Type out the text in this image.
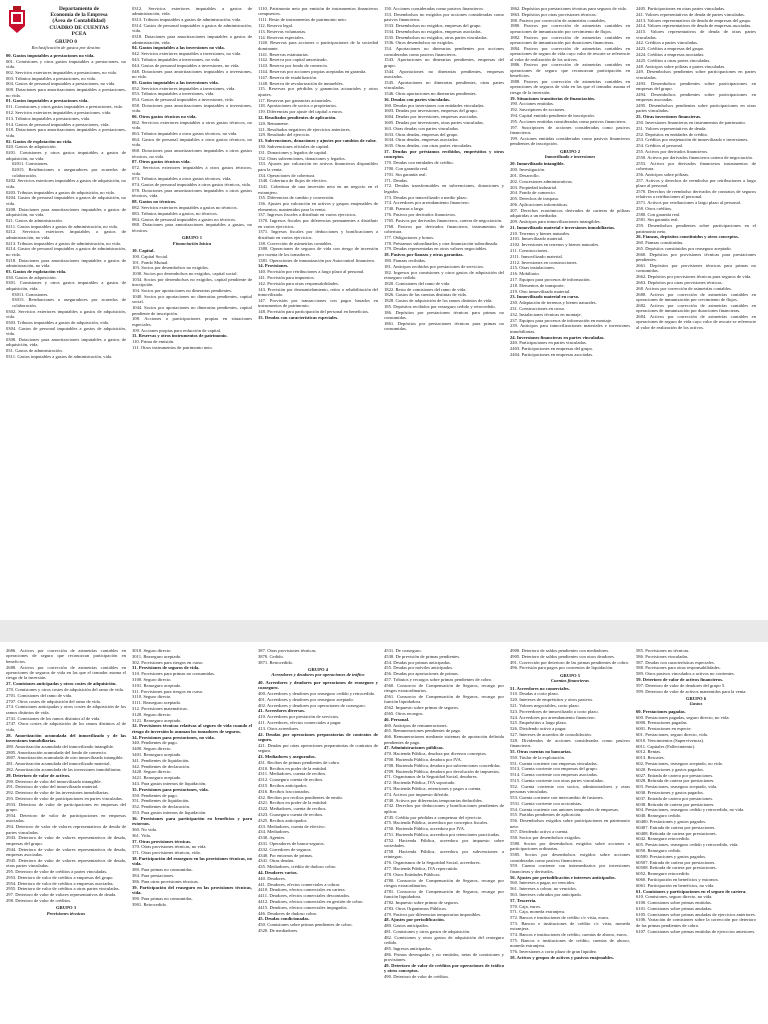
Departamento de
Economía de la Empresa
(Área de Contabilidad)
CUADRO DE CUENTAS
PCEA
GRUPO 0
Reclasificación de gastos por destino

00. Gastos imputables a prestaciones no vida.

001. Comisiones y otros gastos imputables a prestaciones, no vida.

002. Servicios exteriores imputables a prestaciones, no vida.

003. Tributos imputables a prestaciones, no vida.

004. Gastos de personal imputables a prestaciones, no vida.

008. Dotaciones para amortizaciones imputables a prestaciones, no vida.

01. Gastos imputables a prestaciones vida.

011. Comisiones y otros gastos imputables a prestaciones, vida.

012. Servicios exteriores imputables a prestaciones, vida.

013. Tributos imputables a prestaciones, vida.

014. Gastos de personal imputables a prestaciones, vida.

018. Dotaciones para amortizaciones imputables a prestaciones, vida.

02. Gastos de explotación no vida.

020. Gastos de adquisición.

0201. Comisiones y otros gastos imputables a gastos de adquisición, no vida.

02011. Comisiones.

02015. Retribuciones a aseguradores por acuerdos de colaboración.

0202. Servicios exteriores imputables a gastos de adquisición, no vida.

0203. Tributos imputables a gastos de adquisición, no vida.

0204. Gastos de personal imputables a gastos de adquisición, no vida.

0208. Dotaciones para amortizaciones imputables a gastos de adquisición, no vida.

021. Gastos de administración.

0211. Gastos imputables a gastos de administración, no vida.

0212. Servicios exteriores imputables a gastos de administración, no vida.

0213. Tributos imputables a gastos de administración, no vida.

0214. Gastos de personal imputables a gastos de administración, no vida.

0218. Dotaciones para amortizaciones imputables a gastos de administración, no vida.

03. Gastos de explotación vida.

030. Gastos de adquisición.

0301. Comisiones y otros gastos imputables a gastos de adquisición, vida.

03011. Comisiones.

03015. Retribuciones a aseguradores por acuerdos de colaboración.

0302. Servicios exteriores imputables a gastos de adquisición, vida.

0303. Tributos imputables a gastos de adquisición, vida.

0304. Gastos de personal imputables a gastos de adquisición, vida.

0308. Dotaciones para amortizaciones imputables a gastos de adquisición, vida.

031. Gastos de administración.

0311. Gastos imputables a gastos de administración, vida.

0312. Servicios exteriores imputables a gastos de administración, vida.

0313. Tributos imputables a gastos de administración, vida.

0314. Gastos de personal imputables a gastos de administración, vida.

0318. Dotaciones para amortizaciones imputables a gastos de administración, vida.

04. Gastos imputables a las inversiones no vida.

042. Servicios exteriores imputables a inversiones, no vida.

043. Tributos imputables a inversiones, no vida.

044. Gastos de personal imputables a inversiones, no vida.

048. Dotaciones para amortizaciones imputables a inversiones, no vida.

05. Gastos imputables a las inversiones vida.

052. Servicios exteriores imputables a inversiones, vida.

053. Tributos imputables a inversiones, vida.

054. Gastos de personal imputables a inversiones, vida.

058. Dotaciones para amortizaciones imputables a inversiones, vida.

06. Otros gastos técnicos no vida.

062. Servicios exteriores imputables a otros gastos técnicos, no vida.

063. Tributos imputables a otros gastos técnicos, no vida.

064. Gastos de personal imputables a otros gastos técnicos, no vida.

068. Dotaciones para amortizaciones imputables a otros gastos técnicos, no vida.

07. Otros gastos técnicos vida.

072. Servicios exteriores imputables a otros gastos técnicos, vida.

073. Tributos imputables a otros gastos técnicos, vida.

074. Gastos de personal imputables a otros gastos técnicos, vida.

078. Dotaciones para amortizaciones imputables a otros gastos técnicos, vida.

08. Gastos no técnicos.

082. Servicios exteriores imputables a gastos no técnicos.

083. Tributos imputables a gastos, no técnicos.

084. Gastos de personal imputables a gastos no técnicos.

088. Dotaciones para amortizaciones imputables a gastos, no técnicos.

GRUPO 1

Financiación básica

10. Capital.

100. Capital Social.

101. Fondo Mutual.

103. Socios por desembolsos no exigidos.

1030. Socios por desembolsos no exigidos, capital social.

1034. Socios por desembolsos no exigidos, capital pendiente de inscripción.

104. Socios por aportaciones no dinerarias pendientes.

1040. Socios por aportaciones no dinerarias pendientes, capital social.

1044. Socios por aportaciones no dinerarias pendientes, capital pendiente de inscripción.

108. Acciones o participaciones propias en situaciones especiales.

109. Acciones propias para reducción de capital.

11. Reservas y otros instrumentos de patrimonio.

110. Prima de emisión.

111. Otros instrumentos de patrimonio neto.

1110. Patrimonio neto por emisión de instrumentos financieros compuestos.

1111. Resto de instrumentos de patrimonio neto.

112. Reserva legal.

113. Reservas voluntarias.

114. Reservas especiales.

1140. Reservas para acciones o participaciones de la sociedad dominante.

1141. Reservas estatutarias.

1142. Reserva por capital amortizado.

1143. Reserva por fondo de comercio.

1144. Reservas por acciones propias aceptadas en garantía.

1147. Reserva de estabilización.

1148. Reserva de revalorización de inmuebles.

115. Reservas por pérdidas y ganancias actuariales y otros ajustes.

117. Reservas por ganancias actuariales.

118. Aportaciones de socios o propietarios.

119. Diferencias por ajuste del capital a euros.

12. Resultados pendientes de aplicación.

120. Remanente.

121. Resultados negativos de ejercicios anteriores.

129. Resultado del ejercicio.

13. Subvenciones, donaciones y ajustes por cambios de valor.

130. Subvenciones oficiales de capital.

131. Donaciones y legados de capital.

132. Otras subvenciones, donaciones y legados.

133. Ajustes por valoración en activos financieros disponibles para la venta.

134. Operaciones de cobertura.

1340. Cobertura de flujos de efectivo.

1341. Cobertura de una inversión neta en un negocio en el extranjero.

135. Diferencias de cambio y conversión.

136. Ajustes por valoración en activos y grupos enajenables de elementos, mantenidos para la venta.

137. Ingresos fiscales a distribuir en varios ejercicios.

1370. Ingresos fiscales por diferencias permanentes a distribuir en varios ejercicios.

1371. Ingresos fiscales por deducciones y bonificaciones a distribuir en varios ejercicios.

138. Corrección de asimetrías contables.

1380. Operaciones de seguros de vida con riesgo de inversión por cuenta de los tomadores.

1381. Operaciones de inmunización por Autocontrol financiero.

14. Provisiones.

140. Provisión por retribuciones a largo plazo al personal.

141. Provisión para impuestos.

142. Provisión para otras responsabilidades.

143. Provisión por desmantelamiento, retiro o rehabilitación del inmovilizado.

147. Provisión por transacciones con pagos basados en instrumentos de patrimonio.

148. Provisión para participación del personal en beneficios.

15. Deudas con características especiales.

150. Acciones consideradas como pasivos financieros.

153. Desembolsos no exigidos por acciones consideradas como pasivos financieros.

1533. Desembolsos no exigidos, empresas del grupo.

1534. Desembolsos no exigidos, empresas asociadas.

1535. Desembolsos no exigidos, otras partes vinculadas.

1536. Otros desembolsos no exigidos.

154. Aportaciones no dinerarias pendientes por acciones consideradas como pasivos financieros.

1543. Aportaciones no dinerarias pendientes, empresas del grupo.

1544. Aportaciones no dinerarias pendientes, empresas asociadas.

1545. Aportaciones no dinerarias pendientes, otras partes vinculadas.

1546. Otras aportaciones no dinerarias pendientes.

16. Deudas con partes vinculadas.

160. Deudas por inversiones con entidades vinculadas.

1603. Deudas por inversiones, empresas del grupo.

1604. Deudas por inversiones, empresas asociadas.

1605. Deudas por inversiones, otras partes vinculadas.

163. Otras deudas con partes vinculadas.

1633. Otras deudas, empresas del grupo.

1634. Otras deudas, empresas asociadas.

1635. Otras deudas, con otras partes vinculadas.

17. Deudas por préstamos recibidos, empréstitos y otros conceptos.

170. Deudas con entidades de crédito.

1700. Con garantía real.

1701. Sin garantía real.

171. Deudas.

172. Deudas transformables en subvenciones, donaciones y legados.

173. Deudas por inmovilizado a medio plazo.

174. Acreedores por arrendamiento financiero.

1740. Fianzas a largo.

176. Pasivos por derivados financieros.

1765. Pasivos por derivados financieros, cartera de negociación.

1768. Pasivos por derivados financieros, instrumentos de cobertura.

177. Obligaciones y bonos.

178. Préstamos subordinados y otra financiación subordinada.

179. Deudas representadas en otros valores negociables.

18. Pasivos por fianzas y otras garantías.

180. Fianzas recibidas.

181. Anticipos recibidos por prestaciones de servicios.

182. Ingresos por comisiones y otros gastos de adquisición del reaseguro cedido.

1820. Comisiones del ramo de vida.

1822. Resto de comisiones del ramo de vida.

1826. Gastos de las cuentas distintas de vida.

1828. Gastos de adquisición de los ramos distintos de vida.

185. Depósitos recibidos por reaseguro cedido y retrocedido.

186. Depósitos por prestaciones técnicas para primas no consumidas.

1861. Depósitos por prestaciones técnicas para primas no consumidas.

1862. Depósitos por prestaciones técnicas para seguros de vida.

1863. Depósitos por otras provisiones técnicas.

188. Pasivos por corrección de asimetrías contables.

1880. Pasivos por corrección de asimetrías contables en operaciones de inmunización por crecimiento de flujos.

1882. Pasivos por corrección de asimetrías contables en operaciones de inmunización por duraciones financieras.

1884. Pasivos por corrección de asimetrías contables en operaciones de seguro de vida cuyo valor de rescate se referencie al valor de realización de los activos.

1886. Pasivos por corrección de asimetrías contables en operaciones de seguro que reconozcan participación en beneficios.

1888. Pasivos por corrección de asimetrías contables en operaciones de seguros de vida en las que el tomador asuma el riesgo de la inversión.

19. Situaciones transitorias de financiación.

190. Acciones emitidas.

192. Suscriptores de acciones.

194. Capital emitido pendiente de inscripción.

195. Acciones emitidas consideradas como pasivos financieros.

197. Suscriptores de acciones consideradas como pasivos financieros.

199. Acciones emitidas consideradas como pasivos financieros pendientes de inscripción.

GRUPO 2

Inmovilizado e inversiones

20. Inmovilizado intangible.

200. Investigación.

201. Desarrollo.

202. Concesiones administrativas.

203. Propiedad industrial.

204. Fondo de comercio.

205. Derechos de traspaso.

206. Aplicaciones informáticas.

207. Derechos económicos derivados de carteras de pólizas adquiridas a un mediador.

209. Anticipos para inmovilizaciones intangibles.

21. Inmovilizado material e inversiones inmobiliarias.

210. Terrenos y bienes naturales.

2101. Inmovilizado material.

2102. Inversiones en terrenos y bienes naturales.

211. Construcciones.

2111. Inmovilizado material.

2112. Inversiones en construcciones.

215. Otras instalaciones.

216. Mobiliario.

217. Equipos para procesos de información.

218. Elementos de transporte.

219. Otro inmovilizado material.

23. Inmovilizado material en curso.

230. Adaptación de terrenos y bienes naturales.

231. Construcciones en curso.

232. Instalaciones técnicas en montaje.

237. Equipos para procesos de información en montaje.

239. Anticipos para inmovilizaciones materiales e inversiones inmobiliarias.

24. Inversiones financieras en partes vinculadas.

240. Participaciones en partes vinculadas.

2403. Participaciones en empresas del grupo.

2404. Participaciones en empresas asociadas.

2405. Participaciones en otras partes vinculadas.

241. Valores representativos de deuda de partes vinculadas.

2413. Valores representativos de deuda de empresas del grupo.

2414. Valores representativos de deuda de empresas asociadas.

2415. Valores representativos de deuda de otras partes vinculadas.

242. Créditos a partes vinculadas.

2423. Créditos a empresas del grupo.

2424. Créditos a empresas asociadas.

2425. Créditos a otras partes vinculadas.

248. Anticipos sobre pólizas a partes vinculadas.

249. Desembolsos pendientes sobre participaciones en partes vinculadas.

2493. Desembolsos pendientes sobre participaciones en empresas del grupo.

2494. Desembolsos pendientes sobre participaciones en empresas asociadas.

2495. Desembolsos pendientes sobre participaciones en otras partes vinculadas.

25. Otras inversiones financieras.

250. Inversiones financieras en instrumentos de patrimonio.

251. Valores representativos de deuda.

252. Depósitos en entidades de crédito.

253. Créditos por enajenación de inmovilizado e inversiones.

254. Créditos al personal.

255. Activos por derivados financieros.

2550. Activos por derivados financieros cartera de negociación.

2553. Activos por derivados financieros instrumentos de cobertura.

256. Anticipos sobre pólizas.

257. Activos y derechos de reembolso por retribuciones a largo plazo al personal.

2570. Derechos de reembolso derivados de contratos de seguros relativos a retribuciones al personal.

2571. Activos por retribuciones a largo plazo al personal.

258. Otros créditos.

2580. Con garantía real.

2581. Sin garantía real.

259. Desembolsos pendientes sobre participaciones en el patrimonio neto.

26. Fianzas, depósitos constituidos y otros conceptos.

260. Fianzas constituidas.

265. Depósitos constituidos por reaseguro aceptado.

2660. Depósitos por provisiones técnicas para prestaciones pendientes.

2661. Depósitos por provisiones técnicas para primas no consumidas.

2662. Depósitos por provisiones técnicas para seguros de vida.

2663. Depósitos por otras provisiones técnicas.

268. Activos por corrección de asimetrías contables.

2680. Activos por corrección de asimetrías contables en operaciones de inmunización por crecimiento de flujos.

2682. Activos por corrección de asimetrías contables en operaciones de inmunización por duraciones financieras.

2684. Activos por corrección de asimetrías contables en operaciones de seguro de vida cuyo valor de rescate se referencie al valor de realización de los activos.

2686. Activos por corrección de asimetrías contables en operaciones de seguro que reconozcan participación en beneficios.

2688. Activos por corrección de asimetrías contables en operaciones de seguros de vida en las que el tomador asuma el riesgo de la inversión.

27. Comisiones anticipadas y otros costes de adquisición.

270. Comisiones y otros costes de adquisición del ramo de vida.

2701. Comisiones del ramo de vida.

2707. Otros costes de adquisición del ramo de vida.

274. Comisiones anticipadas y otros costes de adquisición de los ramos distintos de vida.

2741. Comisiones de los ramos distintos al de vida.

2747. Otros costes de adquisición de los ramos distintos al de vida.

28. Amortización acumulada del inmovilizado y de las inversiones inmobiliarias.

280. Amortización acumulada del inmovilizado intangible.

2805. Amortización acumulada del fondo de comercio.

2807. Amortización acumulada de otro inmovilizado intangible.

281. Amortización acumulada del inmovilizado material.

282. Amortización acumulada de las inversiones inmobiliarias.

29. Deterioro de valor de activos.

290. Deterioro de valor del inmovilizado intangible.

291. Deterioro de valor del inmovilizado material.

292. Deterioro de valor de las inversiones inmobiliarias.

293. Deterioro de valor de participaciones en partes vinculadas.

2933. Deterioro de valor de participaciones en empresas del grupo.

2934. Deterioro de valor de participaciones en empresas asociadas.

294. Deterioro de valor de valores representativos de deuda de partes vinculadas.

2943. Deterioro de valor de valores representativos de deuda, empresas del grupo.

2944. Deterioro de valor de valores representativos de deuda, empresas asociadas.

2945. Deterioro de valor de valores representativos de deuda, otras partes vinculadas.

295. Deterioro de valor de créditos a partes vinculadas.

2953. Deterioro de valor de créditos a empresas del grupo.

2954. Deterioro de valor de créditos a empresas asociadas.

2955. Deterioro de valor de créditos a otras partes vinculadas.

297. Deterioro de valor de valores representativos de deuda.

298. Deterioro de valor de créditos.

GRUPO 3

Provisiones técnicas

3010. Seguro directo.

3011. Reaseguro aceptado.

302. Provisiones para riesgos en curso.

31. Provisiones de seguros de vida.

310. Provisiones para primas no consumidas.

3100. Seguro directo.

3101. Reaseguro aceptado.

311. Provisiones para riesgos en curso.

3110. Seguro directo.

3111. Reaseguro aceptado.

312. Provisiones matemáticas.

3120. Seguro directo.

3121. Reaseguro aceptado.

32. Provisiones técnicas relativas al seguro de vida cuando el riesgo de inversión lo asuman los tomadores de seguros.

34. Provisiones para prestaciones, no vida.

340. Pendientes de pago.

3400. Seguro directo.

3401. Reaseguro aceptado.

341. Pendientes de liquidación.

342. Pendientes de declaración.

3420. Seguro directo.

3421. Reaseguro aceptado.

343. Para gastos internos de liquidación.

35. Provisiones para prestaciones, vida.

350. Pendientes de pago.

351. Pendientes de liquidación.

352. Pendientes de declaración.

353. Para gastos internos de liquidación.

36. Provisiones para participación en beneficios y para extornos.

360. No vida.

361. Vida.

37. Otras provisiones técnicas.

370. Otras provisiones técnicas, no vida.

371. Otras provisiones técnicas, vida.

38. Participación del reaseguro en las provisiones técnicas, no vida.

380. Para primas no consumidas.

384. Para prestaciones.

386. Para otras provisiones técnicas.

39. Participación del reaseguro en las provisiones técnicas, vida.

390. Para primas no consumidas.

3901. Retrocedido.

387. Otras provisiones técnicas.

3870. Cedido.

3871. Retrocedido.

GRUPO 4

Acreedores y deudores por operaciones de tráfico

40. Acreedores y deudores por operaciones de reaseguro y coaseguro.

400. Acreedores y deudores por reaseguro cedido y retrocedido.

401. Acreedores y deudores por reaseguro aceptado.

402. Acreedores y deudores por operaciones de coaseguro.

41. Acreedores diversos.

410. Acreedores por prestación de servicios.

411. Acreedores, efectos comerciales a pagar.

413. Otros acreedores.

42. Deudas por operaciones preparatorias de contratos de seguro.

421. Deudas por otras operaciones preparatorias de contratos de seguro.

43. Mediadores y asegurados.

431. Recibos de primas pendientes de cobro.

4310. Recibos en poder de la entidad.

4311. Mediadores, cuenta de recibos.

4312. Coaseguro cuenta de recibos.

4315. Recibos anticipados.

4316. Recibos fraccionados.

432. Recibos por recibos pendientes de emitir.

4321. Recibos en poder de la entidad.

4322. Mediadores, cuenta de recibos.

4323. Coaseguro cuenta de recibos.

4325. Recibos anticipados.

433. Mediadores, cuenta de efectivo.

434. Mediadores.

4330. Agentes.

4331. Operadores de banca-seguros.

4332. Corredores de seguros.

4340. Por entornos de primas.

4341. Otras deudas.

435. Mediadores, crédito de dudoso cobro.

44. Deudores varios.

440. Deudores.

441. Deudores, efectos comerciales a cobrar.

4410. Deudores, efectos comerciales en cartera.

4411. Deudores, efectos comerciales descontados.

4412. Deudores, efectos comerciales en gestión de cobro.

4415. Deudores, efectos comerciales impagados.

446. Deudores de dudoso cobro.

45. Deudas condicionadas.

450. Comisiones sobre primas pendientes de cobro.

4520. De mediadores.

4531. De coaseguro.

4538. De previsión de primas pendientes.

454. Deudas por primas anticipadas.

455. Deudas por móviles anticipados.

456. Deudas por aportaciones de primas.

457. Tributos y recargos sobre primas pendientes de cobro.

4560. Consorcio de Compensación de Seguros, recargo por riesgos extraordinarios.

4561. Consorcio de Compensación de Seguros, recargo por función liquidadora.

4562. Impuesto sobre primas de seguros.

4565. Otros recargos.

46. Personal.

460. Anticipos de remuneraciones.

465. Remuneraciones pendientes de pago.

466. Remuneraciones mediante sistemas de aportación definida pendientes de pago.

47. Administraciones públicas.

470. Hacienda Pública, deudora por diversos conceptos.

4700. Hacienda Pública, deudora por IVA.

4708. Hacienda Pública, deudora por subvenciones concedidas.

4709. Hacienda Pública, deudora por devolución de impuestos.

471. Organismos de la Seguridad Social, deudores.

472. Hacienda Pública, IVA soportado.

473. Hacienda Pública, retenciones y pagos a cuenta.

474. Activos por impuesto diferido.

4740. Activos por diferencias temporarias deducibles.

4742. Derechos por deducciones y bonificaciones pendientes de aplicar.

4745. Crédito por pérdidas a compensar del ejercicio.

475. Hacienda Pública, acreedora por conceptos fiscales.

4750. Hacienda Pública, acreedora por IVA.

4751. Hacienda Pública, acreedora por retenciones practicadas.

4752. Hacienda Pública, acreedora por impuesto sobre sociedades.

4758. Hacienda Pública, acreedora por subvenciones a reintegrar.

476. Organismos de la Seguridad Social, acreedores.

477. Hacienda Pública, IVA repercutido.

478. Otros Entidades Públicas.

4780. Consorcio de Compensación de Seguros, recargo por riesgos extraordinarios.

4781. Consorcio de Compensación de Seguros, recargo por función liquidadora.

4782. Impuesto sobre primas de seguros.

4783. Otros Organismos Públicos.

479. Pasivos por diferencias temporarias imponibles.

48. Ajustes por periodificación.

480. Gastos anticipados.

481. Comisiones y otros gastos de adquisición.

482. Comisiones y otros gastos de adquisición del reaseguro cedido.

485. Ingresos anticipados.

486. Primas devengadas y no emitidas, netas de comisiones y provisiones.

49. Deterioro de valor de créditos por operaciones de tráfico y otros conceptos.

490. Deterioro de valor de créditos.

4900. Deterioro de saldos pendientes con mediadores.

4905. Deterioro de saldos pendientes con otros deudores.

491. Corrección por deterioro de las primas pendientes de cobro.

496. Provisión para pagos por convenios de liquidación.

GRUPO 5

Cuentas financieras

51. Acreedores no comerciales.

510. Deudas a corto plazo.

520. Intereses de empréstitos y otros pasivos.

521. Valores negociables, corto plazo.

523. Proveedores de inmovilizado a corto plazo.

524. Acreedores por arrendamiento financiero.

525. Empréstitos a largo plazo.

526. Dividendo activo a pagar.

527. Intereses de acuerdos de consolidación.

528. Dividendos de acciones consideradas como pasivos financieros.

55. Otras cuentas no bancarias.

550. Titular de la explotación.

551. Cuenta corriente con empresas vinculadas.

5513. Cuenta corriente con empresas del grupo.

5514. Cuenta corriente con empresas asociadas.

5515. Cuenta corriente con otras partes vinculadas.

552. Cuenta corriente con socios, administradores y otras personas vinculadas.

553. Cuenta corriente con intercambio de fusiones.

5531. Cuenta corriente con accionistas.

554. Cuenta corriente con uniones temporales de empresas.

555. Partidas pendientes de aplicación.

556. Desembolsos exigidos sobre participaciones en patrimonio neto.

557. Dividendo activo a cuenta.

558. Socios por desembolsos exigidos.

5580. Socios por desembolsos exigidos sobre acciones o participaciones ordinarias.

5585. Socios por desembolsos exigidos sobre acciones consideradas como pasivos financieros.

559. Cuenta corriente con intermediarios por inversiones financieras y derivados.

56. Ajustes por periodificación e intereses anticipados.

560. Intereses a pagar, no vencidos.

561. Intereses a cobrar, no vencidos.

563. Intereses cobrados por anticipado.

57. Tesorería.

570. Caja, euros.

571. Caja, moneda extranjera.

572. Bancos e instituciones de crédito c/c vista, euros.

573. Bancos e instituciones de crédito c/c vista, moneda extranjera.

574. Bancos e instituciones de crédito, cuentas de ahorro, euros.

575. Bancos e instituciones de crédito, cuentas de ahorro, moneda extranjera.

576. Inversiones a corto plazo de gran liquidez.

58. Activos y grupos de activos y pasivos enajenables.

585. Provisiones no técnicas.

586. Provisiones vinculadas.

587. Deudas con características especiales.

588. Provisiones para otras responsabilidades.

589. Otros pasivos vinculados a activos no corrientes.

59. Deterioro de valor de activos financieros.

597. Deterioro de valor de deudores del grupo 5.

599. Deterioro de valor de activos mantenidos para la venta.

GRUPO 6

Gastos

60. Prestaciones pagadas.

600. Prestaciones pagadas, seguro directo, no vida.

6000. Prestaciones pagadas.

6001. Prestaciones en especie.

601. Prestaciones, seguro directo, vida.

6010. Vencimientos (Supervivencia).

6011. Capitales (Fallecimiento).

6012. Rentas.

6013. Rescates.

602. Prestaciones, reaseguro aceptado, no vida.

6020. Prestaciones y gastos pagados.

6027. Entrada de cartera por prestaciones.

6028. Retirada de cartera por prestaciones.

603. Prestaciones, reaseguro aceptado, vida.

6030. Prestaciones y gastos pagados.

6037. Entrada de cartera por prestaciones.

6038. Retirada de cartera por prestaciones.

604. Prestaciones, reaseguro cedido y retrocedido, no vida.

6040. Reaseguro cedido.

60400. Prestaciones y gastos pagados.

60407. Entrada de cartera por prestaciones.

60408. Retirada de cartera por prestaciones.

6042. Reaseguro retrocedido.

605. Prestaciones, reaseguro cedido y retrocedido, vida.

6050. Reaseguro cedido.

60500. Prestaciones y gastos pagados.

60507. Entrada de cartera por prestaciones.

60508. Retirada de cartera por prestaciones.

6052. Reaseguro retrocedido.

6060. Participación en beneficios y extornos.

6061. Participación en beneficios, no vida.

61. Comisiones y participaciones en el seguro de cartera.

610. Comisiones, seguro directo, no vida.

6100. Comisiones sobre primas emitidas.

6101. Comisiones sobre primas anuladas.

6105. Comisiones sobre primas anuladas de ejercicios anteriores.

6106. Variación de comisiones sobre la corrección por deterioro de las primas pendientes de cobro.

6107. Comisiones sobre primas emitidas de ejercicios anteriores.
